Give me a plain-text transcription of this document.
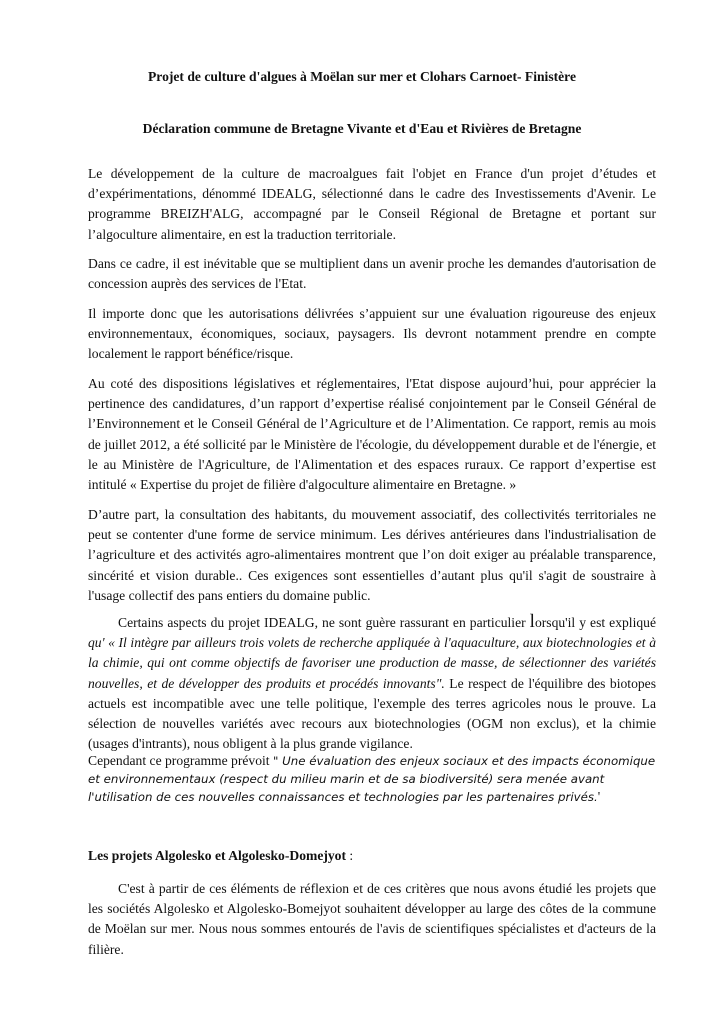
Projet de culture d'algues à Moëlan sur mer et Clohars Carnoet- Finistère
Déclaration commune de Bretagne Vivante et d'Eau et Rivières de Bretagne

Le développement de la culture de macroalgues fait l'objet en France d'un projet d’études et d’expérimentations, dénommé IDEALG, sélectionné dans le cadre des Investissements d'Avenir. Le programme BREIZH'ALG, accompagné par le Conseil Régional de Bretagne et portant sur l’algoculture alimentaire, en est la traduction territoriale.

Dans ce cadre, il est inévitable que se multiplient dans un avenir proche les demandes d'autorisation de concession auprès des services de l'Etat.

Il importe donc que les autorisations délivrées s’appuient sur une évaluation rigoureuse des enjeux environnementaux, économiques, sociaux, paysagers. Ils devront notamment prendre en compte localement le rapport bénéfice/risque.

Au coté des dispositions législatives et réglementaires, l'Etat dispose aujourd’hui, pour apprécier la pertinence des candidatures, d’un rapport d’expertise réalisé conjointement par le Conseil Général de l’Environnement et le Conseil Général de l’Agriculture et de l’Alimentation. Ce rapport, remis au mois de juillet 2012, a été sollicité par le Ministère de l'écologie, du développement durable et de l'énergie, et le au Ministère de l'Agriculture, de l'Alimentation et des espaces ruraux. Ce rapport d’expertise est intitulé « Expertise du projet de filière d'algoculture alimentaire en Bretagne. »

D’autre part, la consultation des habitants, du mouvement associatif, des collectivités territoriales ne peut se contenter d'une forme de service minimum. Les dérives antérieures dans l'industrialisation de l’agriculture et des activités agro-alimentaires montrent que l’on doit exiger au préalable transparence, sincérité et vision durable.. Ces exigences sont essentielles d’autant plus qu'il s'agit de soustraire à l'usage collectif des pans entiers du domaine public.

Certains aspects du projet IDEALG, ne sont guère rassurant en particulier lorsqu'il y est expliqué qu' « Il intègre par ailleurs trois volets de recherche appliquée à l'aquaculture, aux biotechnologies et à la chimie, qui ont comme objectifs de favoriser une production de masse, de sélectionner des variétés nouvelles, et de développer des produits et procédés innovants". Le respect de l'équilibre des biotopes actuels est incompatible avec une telle politique, l'exemple des terres agricoles nous le prouve. La sélection de nouvelles variétés avec recours aux biotechnologies (OGM non exclus), et la chimie (usages d'intrants), nous obligent à la plus grande vigilance.

Cependant ce programme prévoit " Une évaluation des enjeux sociaux et des impacts économique et environnementaux (respect du milieu marin et de sa biodiversité) sera menée avant l'utilisation de ces nouvelles connaissances et technologies par les partenaires privés.'

Les projets Algolesko et Algolesko-Domejyot :

C'est à partir de ces éléments de réflexion et de ces critères que nous avons étudié les projets que les sociétés Algolesko et Algolesko-Bomejyot souhaitent développer au large des côtes de la commune de Moëlan sur mer. Nous nous sommes entourés de l'avis de scientifiques spécialistes et d'acteurs de la filière.
